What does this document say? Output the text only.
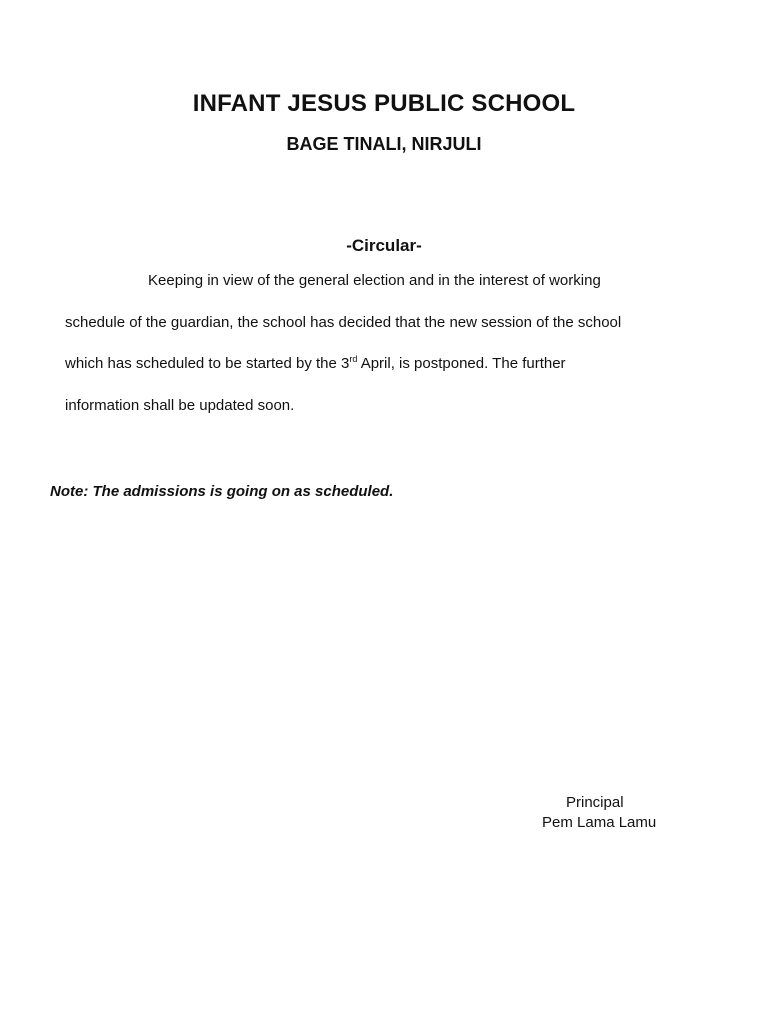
INFANT JESUS PUBLIC SCHOOL
BAGE TINALI, NIRJULI
-Circular-
Keeping in view of the general election and in the interest of working
schedule of the guardian, the school has decided that the new session of the school
which has scheduled to be started by the 3rd April, is postponed. The further
information shall be updated soon.
Note: The admissions is going on as scheduled.
Principal
Pem Lama Lamu
